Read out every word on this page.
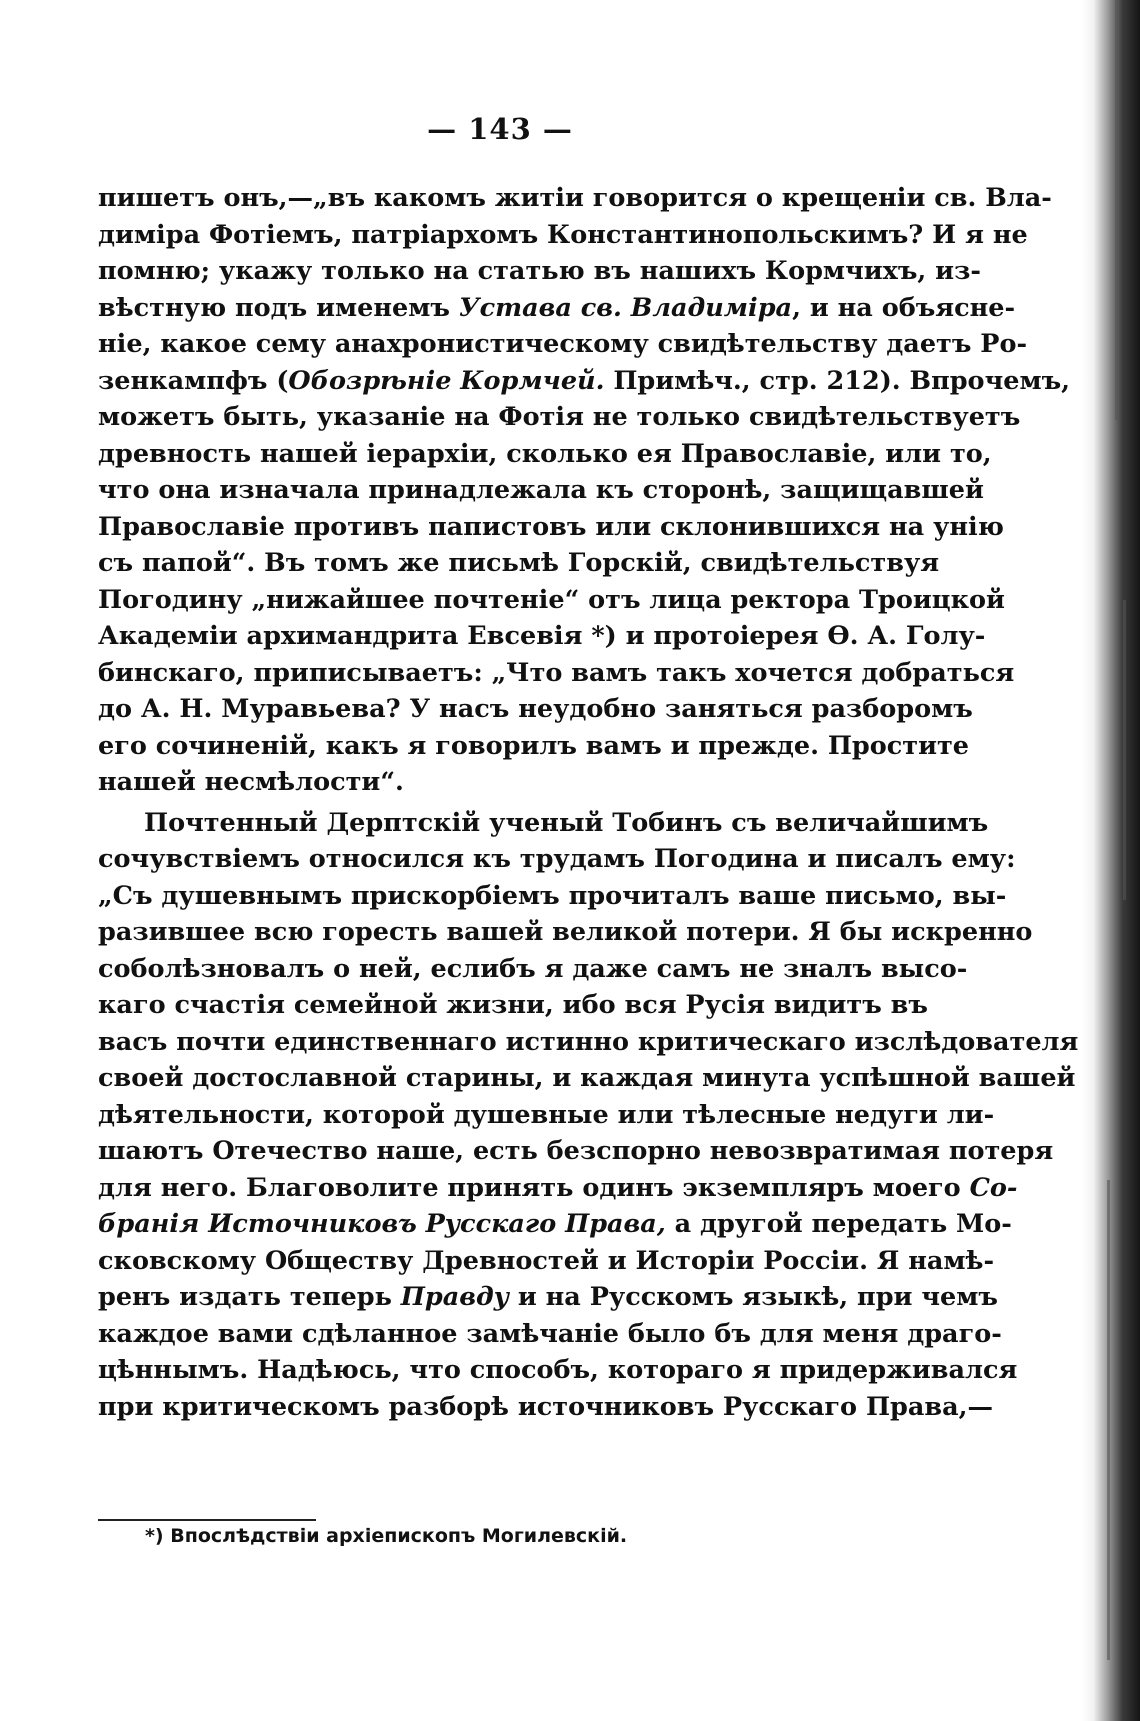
— 143 —
пишетъ онъ,—„въ какомъ житіи говорится о крещеніи св. Вла-
диміра Фотіемъ, патріархомъ Константинопольскимъ? И я не
помню; укажу только на статью въ нашихъ Кормчихъ, из-
вѣстную подъ именемъ Устава св. Владиміра, и на объясне-
ніе, какое сему анахронистическому свидѣтельству даетъ Ро-
зенкампфъ (Обозрѣніе Кормчей. Примѣч., стр. 212). Впрочемъ,
можетъ быть, указаніе на Фотія не только свидѣтельствуетъ
древность нашей іерархіи, сколько ея Православіе, или то,
что она изначала принадлежала къ сторонѣ, защищавшей
Православіе противъ папистовъ или склонившихся на унію
съ папой“. Въ томъ же письмѣ Горскій, свидѣтельствуя
Погодину „нижайшее почтеніе“ отъ лица ректора Троицкой
Академіи архимандрита Евсевія *) и протоіерея Ѳ. А. Голу-
бинскаго, приписываетъ: „Что вамъ такъ хочется добраться
до А. Н. Муравьева? У насъ неудобно заняться разборомъ
его сочиненій, какъ я говорилъ вамъ и прежде. Простите
нашей несмѣлости“.
Почтенный Дерптскій ученый Тобинъ съ величайшимъ
сочувствіемъ относился къ трудамъ Погодина и писалъ ему:
„Съ душевнымъ прискорбіемъ прочиталъ ваше письмо, вы-
разившее всю горесть вашей великой потери. Я бы искренно
соболѣзновалъ о ней, еслибъ я даже самъ не зналъ высо-
каго счастія семейной жизни, ибо вся Русія видитъ въ
васъ почти единственнаго истинно критическаго изслѣдователя
своей достославной старины, и каждая минута успѣшной вашей
дѣятельности, которой душевные или тѣлесные недуги ли-
шаютъ Отечество наше, есть безспорно невозвратимая потеря
для него. Благоволите принять одинъ экземпляръ моего Со-
бранія Источниковъ Русскаго Права, а другой передать Мо-
сковскому Обществу Древностей и Исторіи Россіи. Я намѣ-
ренъ издать теперь Правду и на Русскомъ языкѣ, при чемъ
каждое вами сдѣланное замѣчаніе было бъ для меня драго-
цѣннымъ. Надѣюсь, что способъ, котораго я придерживался
при критическомъ разборѣ источниковъ Русскаго Права,—
*) Впослѣдствіи архіепископъ Могилевскій.
